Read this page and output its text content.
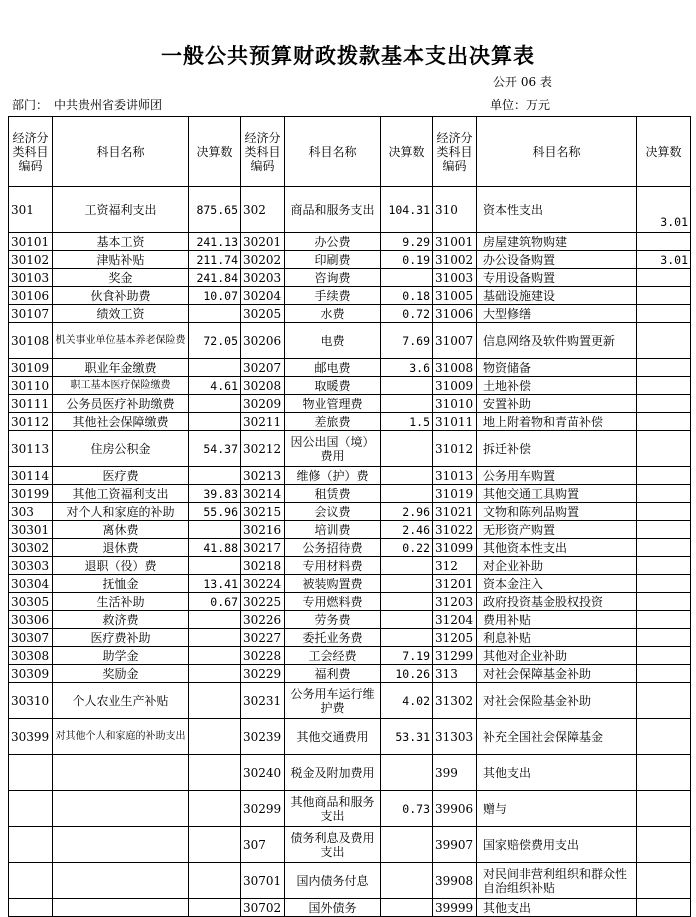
一般公共预算财政拨款基本支出决算表
公开 06 表
部门：　中共贵州省委讲师团	单位：万元
经济分类科目编码	科目名称	决算数	经济分类科目编码	科目名称	决算数	经济分类科目编码	科目名称	决算数
301	工资福利支出	875.65	302	商品和服务支出	104.31	310	资本性支出	3.01
30101	基本工资	241.13	30201	办公费	9.29	31001	房屋建筑物购建	
30102	津贴补贴	211.74	30202	印刷费	0.19	31002	办公设备购置	3.01
30103	奖金	241.84	30203	咨询费		31003	专用设备购置	
30106	伙食补助费	10.07	30204	手续费	0.18	31005	基础设施建设	
30107	绩效工资		30205	水费	0.72	31006	大型修缮	
30108	机关事业单位基本养老保险费	72.05	30206	电费	7.69	31007	信息网络及软件购置更新	
30109	职业年金缴费		30207	邮电费	3.6	31008	物资储备	
30110	职工基本医疗保险缴费	4.61	30208	取暖费		31009	土地补偿	
30111	公务员医疗补助缴费		30209	物业管理费		31010	安置补助	
30112	其他社会保障缴费		30211	差旅费	1.5	31011	地上附着物和青苗补偿	
30113	住房公积金	54.37	30212	因公出国（境）费用		31012	拆迁补偿	
30114	医疗费		30213	维修（护）费		31013	公务用车购置	
30199	其他工资福利支出	39.83	30214	租赁费		31019	其他交通工具购置	
303	对个人和家庭的补助	55.96	30215	会议费	2.96	31021	文物和陈列品购置	
30301	离休费		30216	培训费	2.46	31022	无形资产购置	
30302	退休费	41.88	30217	公务招待费	0.22	31099	其他资本性支出	
30303	退职（役）费		30218	专用材料费		312	对企业补助	
30304	抚恤金	13.41	30224	被装购置费		31201	资本金注入	
30305	生活补助	0.67	30225	专用燃料费		31203	政府投资基金股权投资	
30306	救济费		30226	劳务费		31204	费用补贴	
30307	医疗费补助		30227	委托业务费		31205	利息补贴	
30308	助学金		30228	工会经费	7.19	31299	其他对企业补助	
30309	奖励金		30229	福利费	10.26	313	对社会保障基金补助	
30310	个人农业生产补贴		30231	公务用车运行维护费	4.02	31302	对社会保险基金补助	
30399	对其他个人和家庭的补助支出		30239	其他交通费用	53.31	31303	补充全国社会保障基金	
			30240	税金及附加费用		399	其他支出	
			30299	其他商品和服务支出	0.73	39906	赠与	
			307	债务利息及费用支出		39907	国家赔偿费用支出	
			30701	国内债务付息		39908	对民间非营利组织和群众性自治组织补贴	
			30702	国外债务		39999	其他支出	
